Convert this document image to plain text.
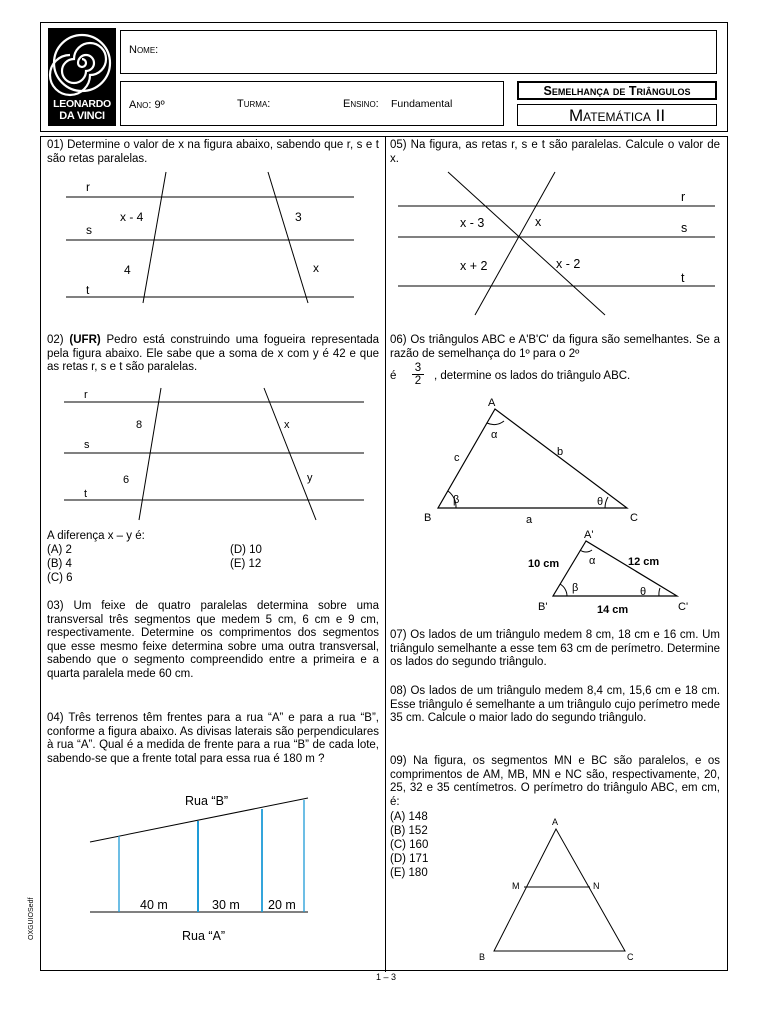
LEONARDO
DA VINCI
Nome:
Ano: 9º	Turma:	Ensino: Fundamental
Semelhança de Triângulos
Matemática II
01) Determine o valor de x na figura abaixo, sabendo que r, s e t são retas paralelas.
r
s
t
x - 4	3
4	x
02) (UFR) Pedro está construindo uma fogueira representada pela figura abaixo. Ele sabe que a soma de x com y é 42 e que as retas r, s e t são paralelas.
r
s
t
8	x
6	y
A diferença x – y é:
(A) 2
(B) 4
(C) 6
(D) 10
(E) 12
03) Um feixe de quatro paralelas determina sobre uma transversal três segmentos que medem 5 cm, 6 cm e 9 cm, respectivamente. Determine os comprimentos dos segmentos que esse mesmo feixe determina sobre uma outra transversal, sabendo que o segmento compreendido entre a primeira e a quarta paralela mede 60 cm.
04) Três terrenos têm frentes para a rua “A” e para a rua “B”, conforme a figura abaixo. As divisas laterais são perpendiculares à rua “A”. Qual é a medida de frente para a rua “B” de cada lote, sabendo-se que a frente total para essa rua é 180 m ?
Rua “B”
Rua “A”
40 m	30 m 20 m
05) Na figura, as retas r, s e t são paralelas. Calcule o valor de x.
r
s
t
x - 3	x
x + 2	x - 2
06) Os triângulos ABC e A'B'C' da figura são semelhantes. Se a razão de semelhança do 1º para o 2º
é $\frac{3}{2}$ , determine os lados do triângulo ABC.
A
B	C
c	b
a
α
β	θ
A'
B'	C'
10 cm	12 cm
14 cm
α
β	θ
07) Os lados de um triângulo medem 8 cm, 18 cm e 16 cm. Um triângulo semelhante a esse tem 63 cm de perímetro. Determine os lados do segundo triângulo.
08) Os lados de um triângulo medem 8,4 cm, 15,6 cm e 18 cm. Esse triângulo é semelhante a um triângulo cujo perímetro mede 35 cm. Calcule o maior lado do segundo triângulo.
09) Na figura, os segmentos MN e BC são paralelos, e os comprimentos de AM, MB, MN e NC são, respectivamente, 20, 25, 32 e 35 centímetros. O perímetro do triângulo ABC, em cm, é:
(A) 148
(B) 152
(C) 160
(D) 171
(E) 180
A
B	C
M	N
1 – 3
OXGUIOSedf
